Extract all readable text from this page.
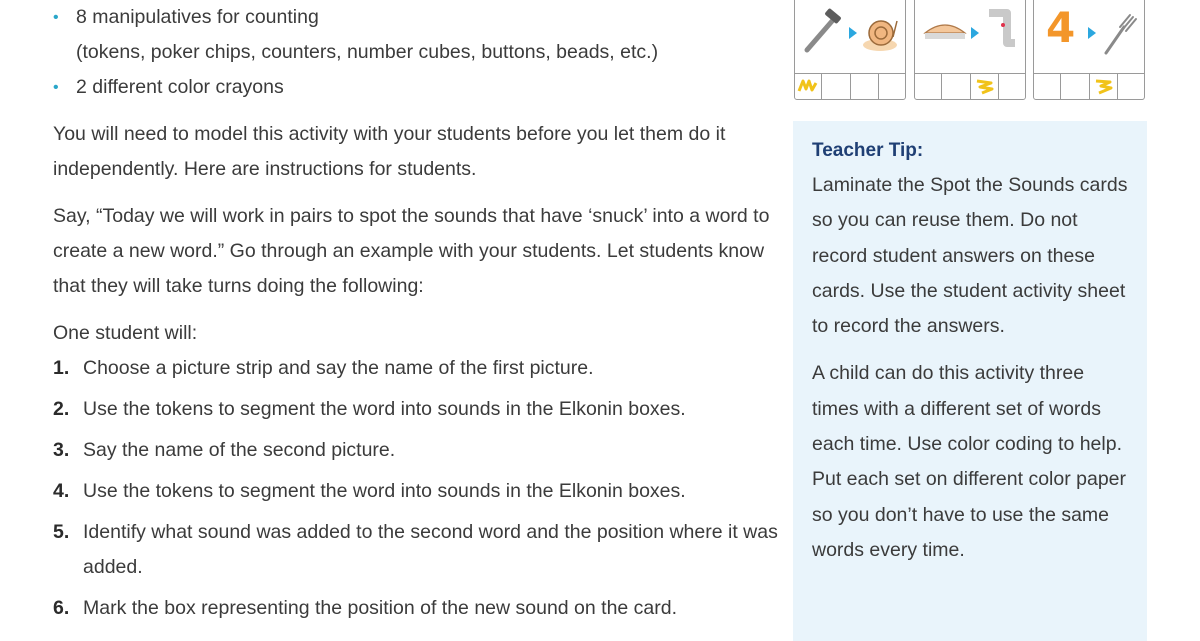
• 8 manipulatives for counting
(tokens, poker chips, counters, number cubes, buttons, beads, etc.)
• 2 different color crayons

You will need to model this activity with your students before you let them do it independently. Here are instructions for students.

Say, “Today we will work in pairs to spot the sounds that have ‘snuck’ into a word to create a new word.” Go through an example with your students. Let students know that they will take turns doing the following:

One student will:

1. Choose a picture strip and say the name of the first picture.
2. Use the tokens to segment the word into sounds in the Elkonin boxes.
3. Say the name of the second picture.
4. Use the tokens to segment the word into sounds in the Elkonin boxes.
5. Identify what sound was added to the second word and the position where it was added.
6. Mark the box representing the position of the new sound on the card.
4
Teacher Tip:

Laminate the Spot the Sounds cards so you can reuse them. Do not record student answers on these cards. Use the student activity sheet to record the answers.

A child can do this activity three times with a different set of words each time. Use color coding to help. Put each set on different color paper so you don’t have to use the same words every time.
